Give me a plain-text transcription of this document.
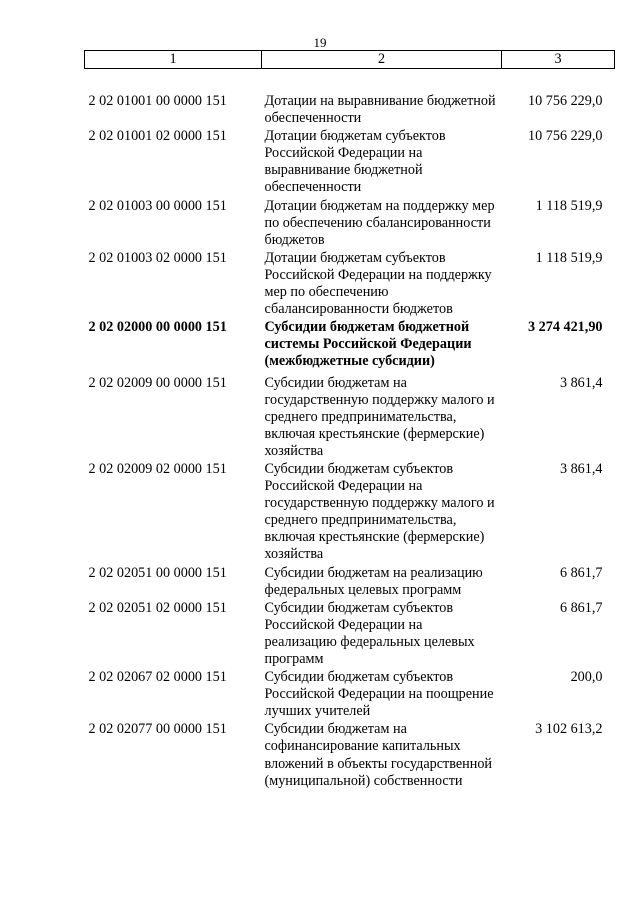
19
1	2	3
2 02 01001 00 0000 151	Дотации на выравнивание бюджетной обеспеченности	10 756 229,0
2 02 01001 02 0000 151	Дотации бюджетам субъектов Российской Федерации на выравнивание бюджетной обеспеченности	10 756 229,0
2 02 01003 00 0000 151	Дотации бюджетам на поддержку мер по обеспечению сбалансированности бюджетов	1 118 519,9
2 02 01003 02 0000 151	Дотации бюджетам субъектов Российской Федерации на поддержку мер по обеспечению сбалансированности бюджетов	1 118 519,9
2 02 02000 00 0000 151	Субсидии бюджетам бюджетной системы Российской Федерации (межбюджетные субсидии)	3 274 421,90
2 02 02009 00 0000 151	Субсидии бюджетам на государственную поддержку малого и среднего предпринимательства, включая крестьянские (фермерские) хозяйства	3 861,4
2 02 02009 02 0000 151	Субсидии бюджетам субъектов Российской Федерации на государственную поддержку малого и среднего предпринимательства, включая крестьянские (фермерские) хозяйства	3 861,4
2 02 02051 00 0000 151	Субсидии бюджетам на реализацию федеральных целевых программ	6 861,7
2 02 02051 02 0000 151	Субсидии бюджетам субъектов Российской Федерации на реализацию федеральных целевых программ	6 861,7
2 02 02067 02 0000 151	Субсидии бюджетам субъектов Российской Федерации на поощрение лучших учителей	200,0
2 02 02077 00 0000 151	Субсидии бюджетам на софинансирование капитальных вложений в объекты государственной (муниципальной) собственности	3 102 613,2
